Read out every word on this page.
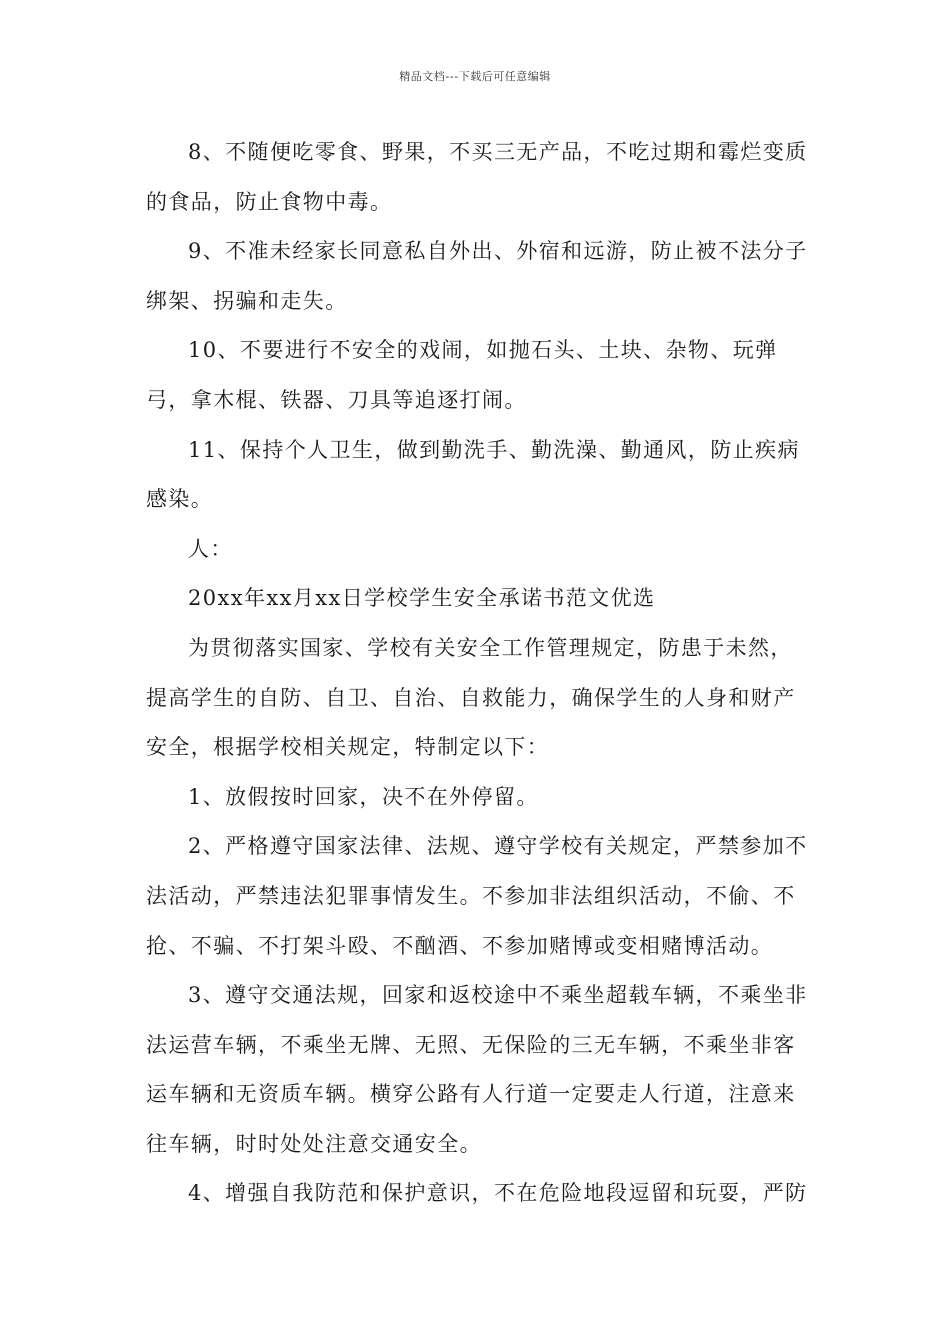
精品文档---下载后可任意编辑

8、不随便吃零食、野果，不买三无产品，不吃过期和霉烂变质的食品，防止食物中毒。

9、不准未经家长同意私自外出、外宿和远游，防止被不法分子绑架、拐骗和走失。

10、不要进行不安全的戏闹，如抛石头、土块、杂物、玩弹弓，拿木棍、铁器、刀具等追逐打闹。

11、保持个人卫生，做到勤洗手、勤洗澡、勤通风，防止疾病感染。

人：

20xx年xx月xx日学校学生安全承诺书范文优选

为贯彻落实国家、学校有关安全工作管理规定，防患于未然，提高学生的自防、自卫、自治、自救能力，确保学生的人身和财产安全，根据学校相关规定，特制定以下：

1、放假按时回家，决不在外停留。

2、严格遵守国家法律、法规、遵守学校有关规定，严禁参加不法活动，严禁违法犯罪事情发生。不参加非法组织活动，不偷、不抢、不骗、不打架斗殴、不酗酒、不参加赌博或变相赌博活动。

3、遵守交通法规，回家和返校途中不乘坐超载车辆，不乘坐非法运营车辆，不乘坐无牌、无照、无保险的三无车辆，不乘坐非客运车辆和无资质车辆。横穿公路有人行道一定要走人行道，注意来往车辆，时时处处注意交通安全。

4、增强自我防范和保护意识，不在危险地段逗留和玩耍，严防
